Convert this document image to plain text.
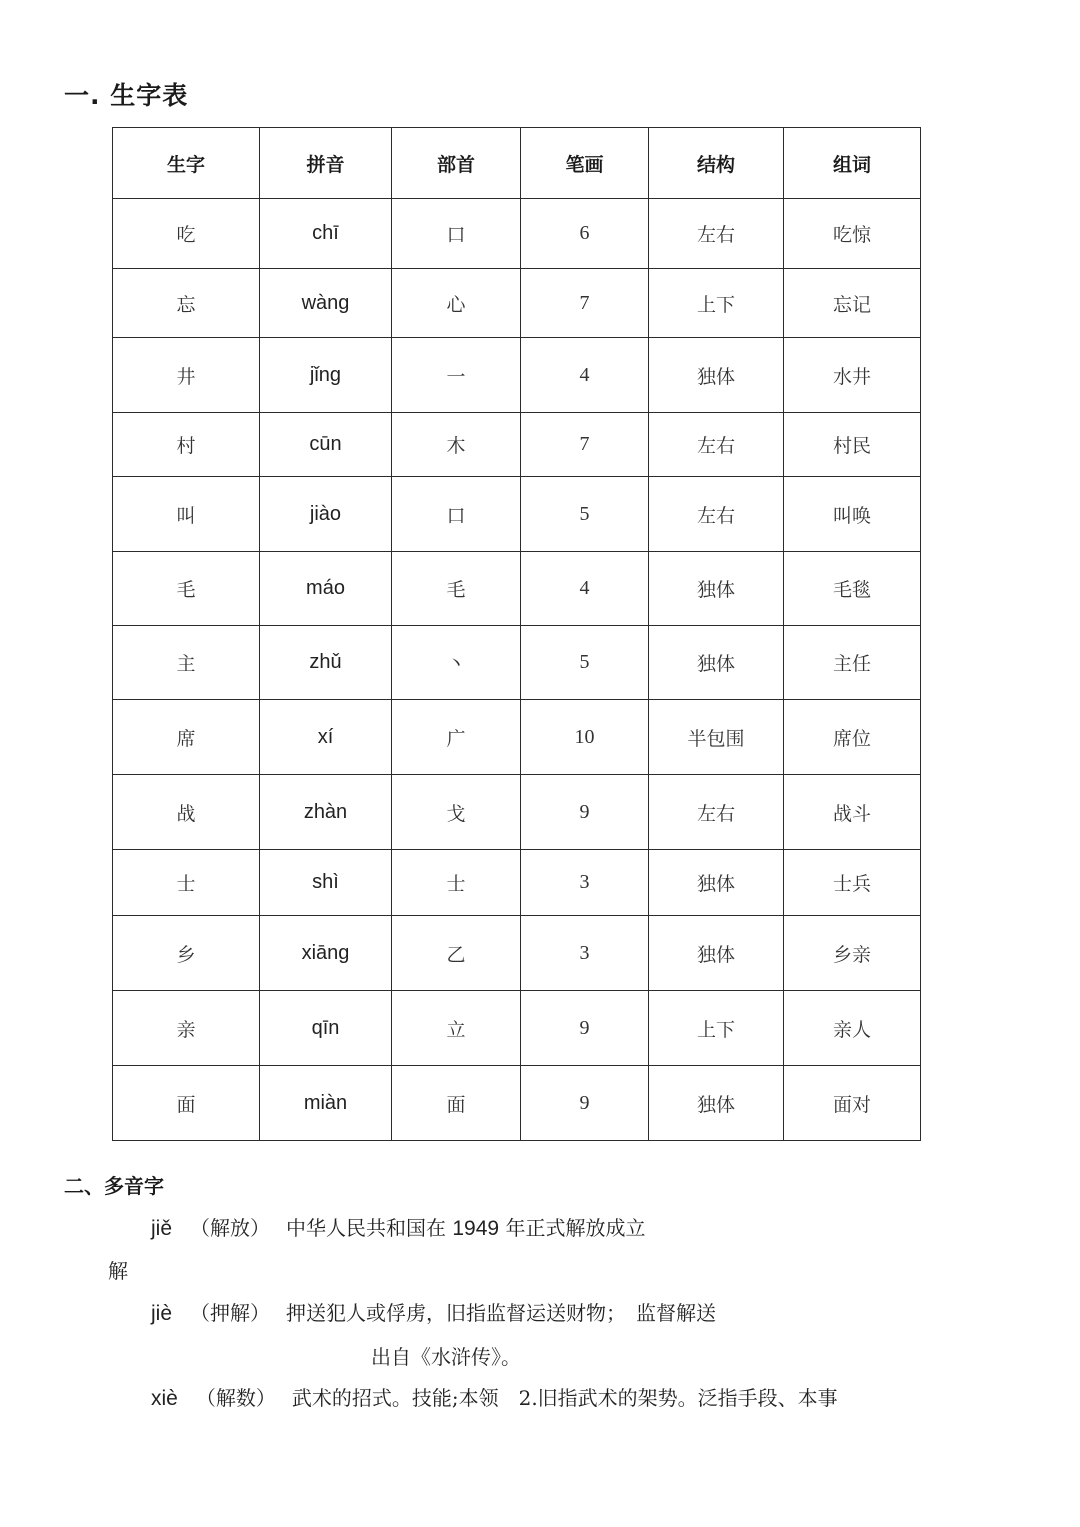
一. 生字表
生字	拼音	部首	笔画	结构	组词
吃	chī	口	6	左右	吃惊
忘	wàng	心	7	上下	忘记
井	jǐng	一	4	独体	水井
村	cūn	木	7	左右	村民
叫	jiào	口	5	左右	叫唤
毛	máo	毛	4	独体	毛毯
主	zhǔ	丶	5	独体	主任
席	xí	广	10	半包围	席位
战	zhàn	戈	9	左右	战斗
士	shì	士	3	独体	士兵
乡	xiāng	乙	3	独体	乡亲
亲	qīn	立	9	上下	亲人
面	miàn	面	9	独体	面对
二、多音字
jiě （解放） 中华人民共和国在 1949 年正式解放成立
解
jiè （押解） 押送犯人或俘虏，旧指监督运送财物；　监督解送
出自《水浒传》。
xiè （解数） 武术的招式。技能;本领　2.旧指武术的架势。泛指手段、本事
